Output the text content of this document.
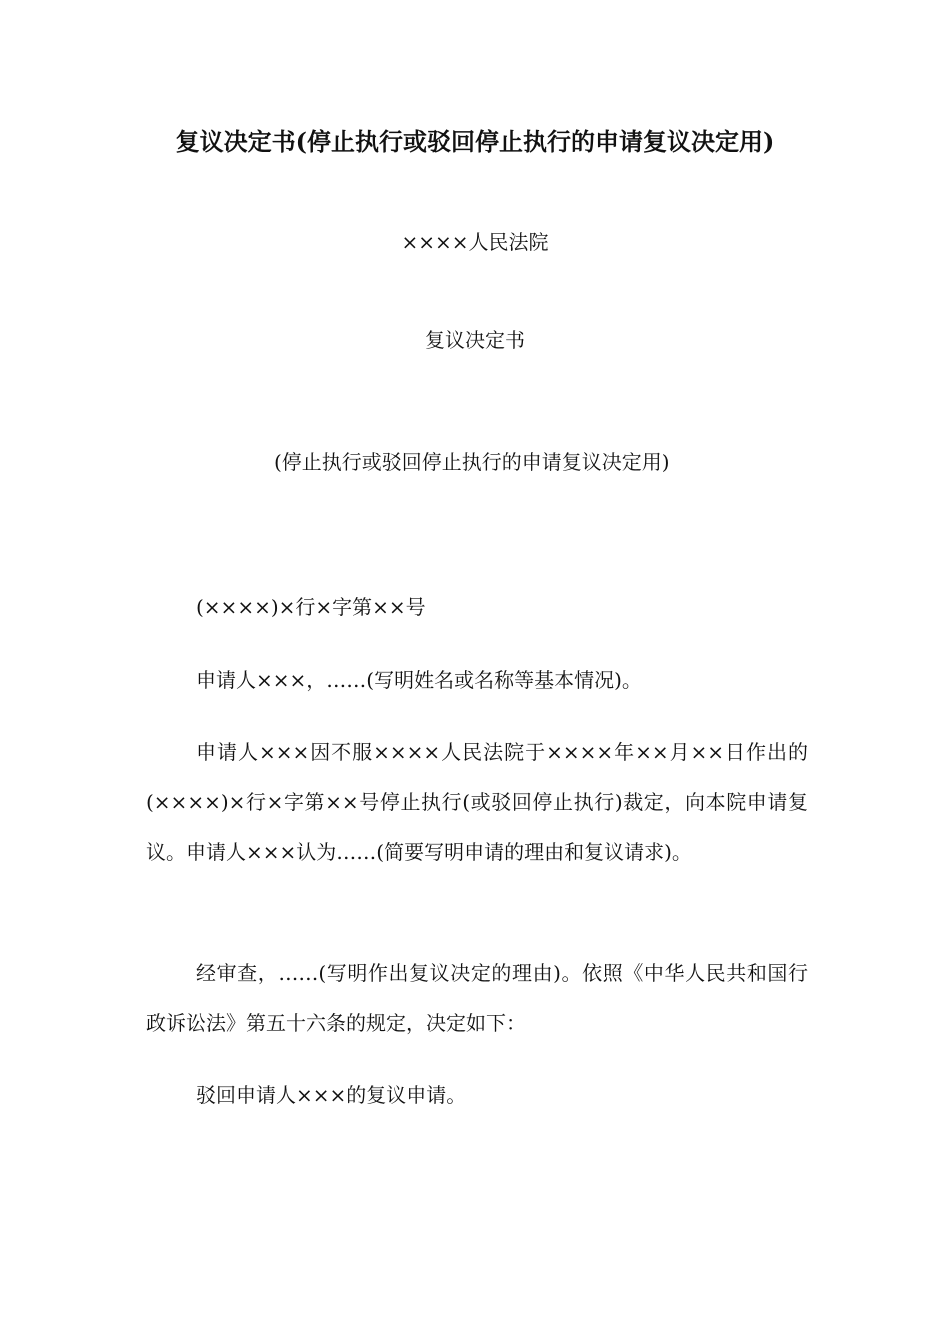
复议决定书(停止执行或驳回停止执行的申请复议决定用)

××××人民法院

复议决定书

(停止执行或驳回停止执行的申请复议决定用)

(××××)×行×字第××号

申请人×××，……(写明姓名或名称等基本情况)。

申请人×××因不服××××人民法院于××××年××月××日作出的(××××)×行×字第××号停止执行(或驳回停止执行)裁定，向本院申请复议。申请人×××认为……(简要写明申请的理由和复议请求)。

经审查，……(写明作出复议决定的理由)。依照《中华人民共和国行政诉讼法》第五十六条的规定，决定如下：

驳回申请人×××的复议申请。
